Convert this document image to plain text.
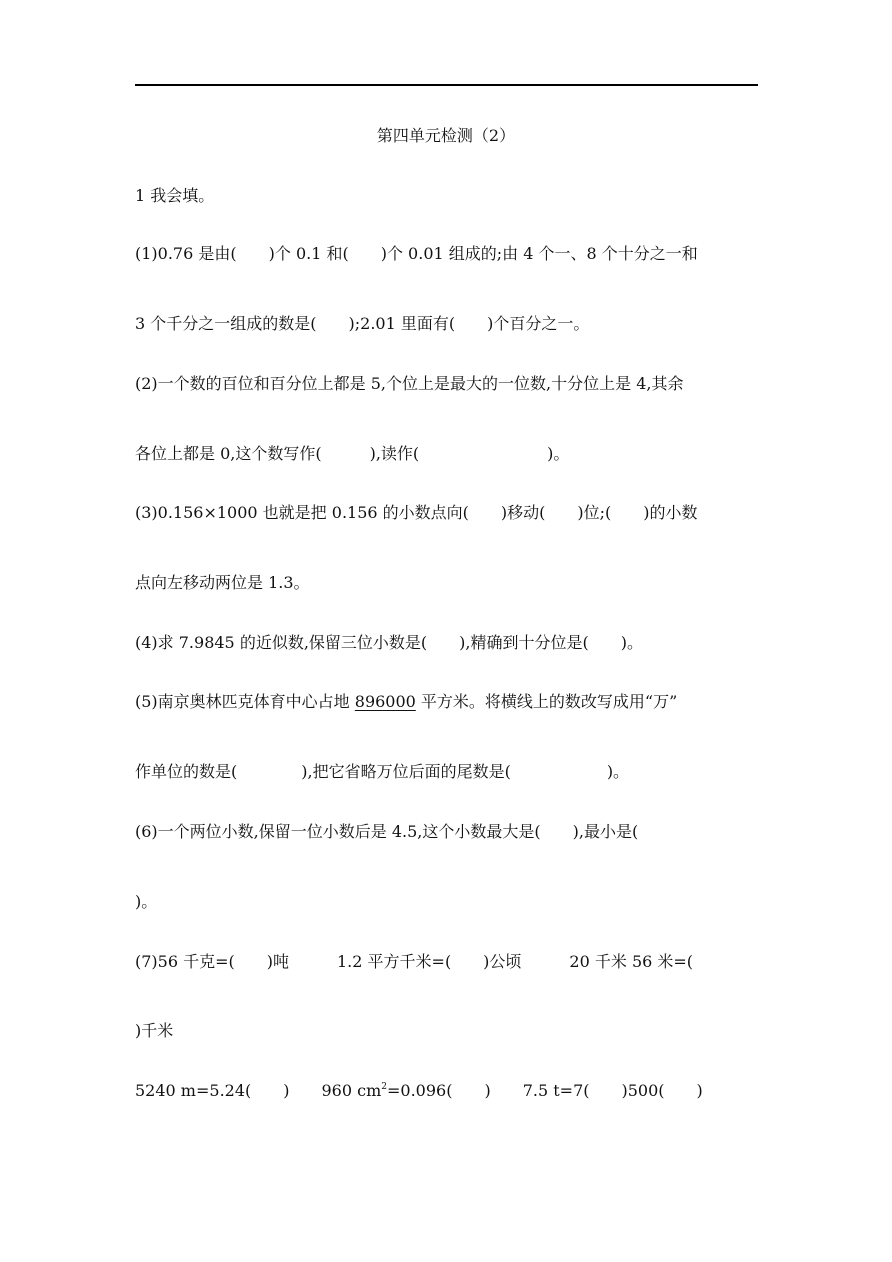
第四单元检测（2）
1 我会填。
(1)0.76 是由(　　)个 0.1 和(　　)个 0.01 组成的;由 4 个一、8 个十分之一和
3 个千分之一组成的数是(　　);2.01 里面有(　　)个百分之一。
(2)一个数的百位和百分位上都是 5,个位上是最大的一位数,十分位上是 4,其余
各位上都是 0,这个数写作(　　　),读作(　　　　　　　　)。
(3)0.156×1000 也就是把 0.156 的小数点向(　　)移动(　　)位;(　　)的小数
点向左移动两位是 1.3。
(4)求 7.9845 的近似数,保留三位小数是(　　),精确到十分位是(　　)。
(5)南京奥林匹克体育中心占地 896000 平方米。将横线上的数改写成用“万”
作单位的数是(　　　　),把它省略万位后面的尾数是(　　　　　　)。
(6)一个两位小数,保留一位小数后是 4.5,这个小数最大是(　　),最小是(
)。
(7)56 千克=(　　)吨　　　1.2 平方千米=(　　)公顷　　　20 千米 56 米=(
)千米
5240 m=5.24(　　)　　960 $cm^2=0.096$(　　)　　7.5 t=7(　　)500(　　)
